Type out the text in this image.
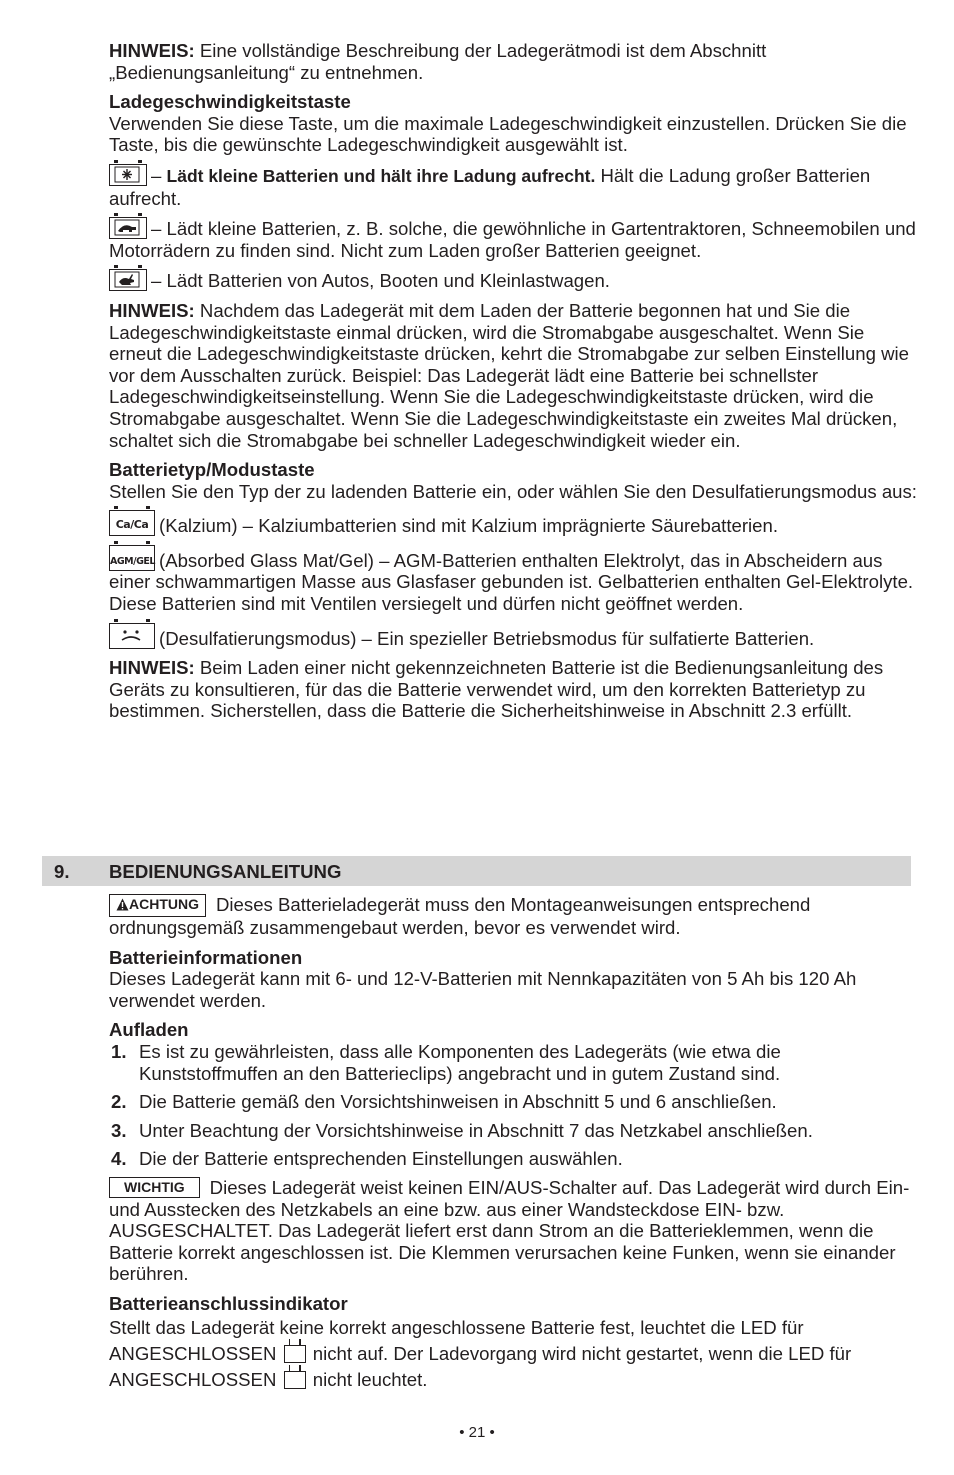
HINWEIS: Eine vollständige Beschreibung der Ladegerätmodi ist dem Abschnitt „Bedienungsanleitung“ zu entnehmen.

Ladegeschwindigkeitstaste

Verwenden Sie diese Taste, um die maximale Ladegeschwindigkeit einzustellen. Drücken Sie die Taste, bis die gewünschte Ladegeschwindigkeit ausgewählt ist.

– Lädt kleine Batterien und hält ihre Ladung aufrecht. Hält die Ladung großer Batterien aufrecht.

– Lädt kleine Batterien, z. B. solche, die gewöhnliche in Gartentraktoren, Schneemobilen und Motorrädern zu finden sind. Nicht zum Laden großer Batterien geeignet.

– Lädt Batterien von Autos, Booten und Kleinlastwagen.

HINWEIS: Nachdem das Ladegerät mit dem Laden der Batterie begonnen hat und Sie die Ladegeschwindigkeitstaste einmal drücken, wird die Stromabgabe ausgeschaltet. Wenn Sie erneut die Ladegeschwindigkeitstaste drücken, kehrt die Stromabgabe zur selben Einstellung wie vor dem Ausschalten zurück. Beispiel: Das Ladegerät lädt eine Batterie bei schnellster Ladegeschwindigkeitseinstellung. Wenn Sie die Ladegeschwindigkeitstaste drücken, wird die Stromabgabe ausgeschaltet. Wenn Sie die Ladegeschwindigkeitstaste ein zweites Mal drücken, schaltet sich die Stromabgabe bei schneller Ladegeschwindigkeit wieder ein.

Batterietyp/Modustaste

Stellen Sie den Typ der zu ladenden Batterie ein, oder wählen Sie den Desulfatierungsmodus aus:

Ca/Ca (Kalzium) – Kalziumbatterien sind mit Kalzium imprägnierte Säurebatterien.

AGM/GEL (Absorbed Glass Mat/Gel) – AGM-Batterien enthalten Elektrolyt, das in Abscheidern aus einer schwammartigen Masse aus Glasfaser gebunden ist. Gelbatterien enthalten Gel-Elektrolyte. Diese Batterien sind mit Ventilen versiegelt und dürfen nicht geöffnet werden.

(Desulfatierungsmodus) – Ein spezieller Betriebsmodus für sulfatierte Batterien.

HINWEIS: Beim Laden einer nicht gekennzeichneten Batterie ist die Bedienungsanleitung des Geräts zu konsultieren, für das die Batterie verwendet wird, um den korrekten Batterietyp zu bestimmen. Sicherstellen, dass die Batterie die Sicherheitshinweise in Abschnitt 2.3 erfüllt.

9. BEDIENUNGSANLEITUNG

ACHTUNG Dieses Batterieladegerät muss den Montageanweisungen entsprechend ordnungsgemäß zusammengebaut werden, bevor es verwendet wird.

Batterieinformationen

Dieses Ladegerät kann mit 6- und 12-V-Batterien mit Nennkapazitäten von 5 Ah bis 120 Ah verwendet werden.

Aufladen

1. Es ist zu gewährleisten, dass alle Komponenten des Ladegeräts (wie etwa die Kunststoffmuffen an den Batterieclips) angebracht und in gutem Zustand sind.
2. Die Batterie gemäß den Vorsichtshinweisen in Abschnitt 5 und 6 anschließen.
3. Unter Beachtung der Vorsichtshinweise in Abschnitt 7 das Netzkabel anschließen.
4. Die der Batterie entsprechenden Einstellungen auswählen.

WICHTIG Dieses Ladegerät weist keinen EIN/AUS-Schalter auf. Das Ladegerät wird durch Ein- und Ausstecken des Netzkabels an eine bzw. aus einer Wandsteckdose EIN- bzw. AUSGESCHALTET. Das Ladegerät liefert erst dann Strom an die Batterieklemmen, wenn die Batterie korrekt angeschlossen ist. Die Klemmen verursachen keine Funken, wenn sie einander berühren.

Batterieanschlussindikator

Stellt das Ladegerät keine korrekt angeschlossene Batterie fest, leuchtet die LED für ANGESCHLOSSEN  nicht auf. Der Ladevorgang wird nicht gestartet, wenn die LED für ANGESCHLOSSEN  nicht leuchtet.

• 21 •
